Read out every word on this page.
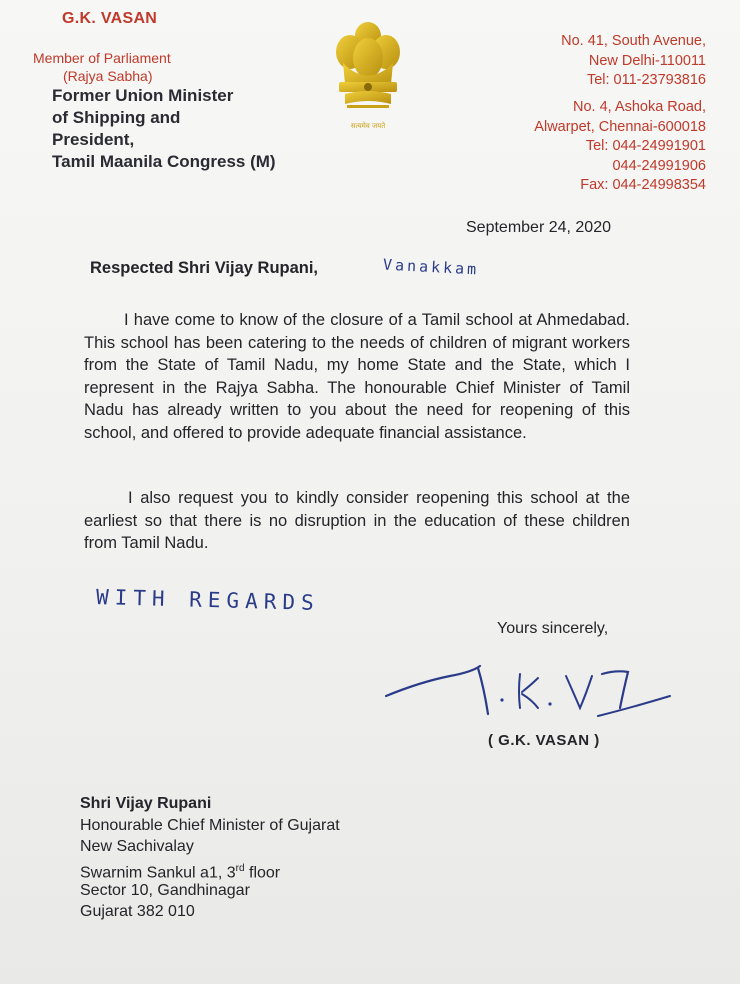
G.K. VASAN
Member of Parliament
(Rajya Sabha)
Former Union Minister
of Shipping and
President,
Tamil Maanila Congress (M)
सत्यमेव जयते
No. 41, South Avenue,
New Delhi-110011
Tel: 011-23793816
No. 4, Ashoka Road,
Alwarpet, Chennai-600018
Tel: 044-24991901
044-24991906
Fax: 044-24998354
September 24, 2020
Respected Shri Vijay Rupani,	Vanakkam
I have come to know of the closure of a Tamil school at Ahmedabad. This school has been catering to the needs of children of migrant workers from the State of Tamil Nadu, my home State and the State, which I represent in the Rajya Sabha. The honourable Chief Minister of Tamil Nadu has already written to you about the need for reopening of this school, and offered to provide adequate financial assistance.
I also request you to kindly consider reopening this school at the earliest so that there is no disruption in the education of these children from Tamil Nadu.
WITH REGARDS
Yours sincerely,
( G.K. VASAN )
Shri Vijay Rupani
Honourable Chief Minister of Gujarat
New Sachivalay
Swarnim Sankul a1, 3rd floor
Sector 10, Gandhinagar
Gujarat 382 010
